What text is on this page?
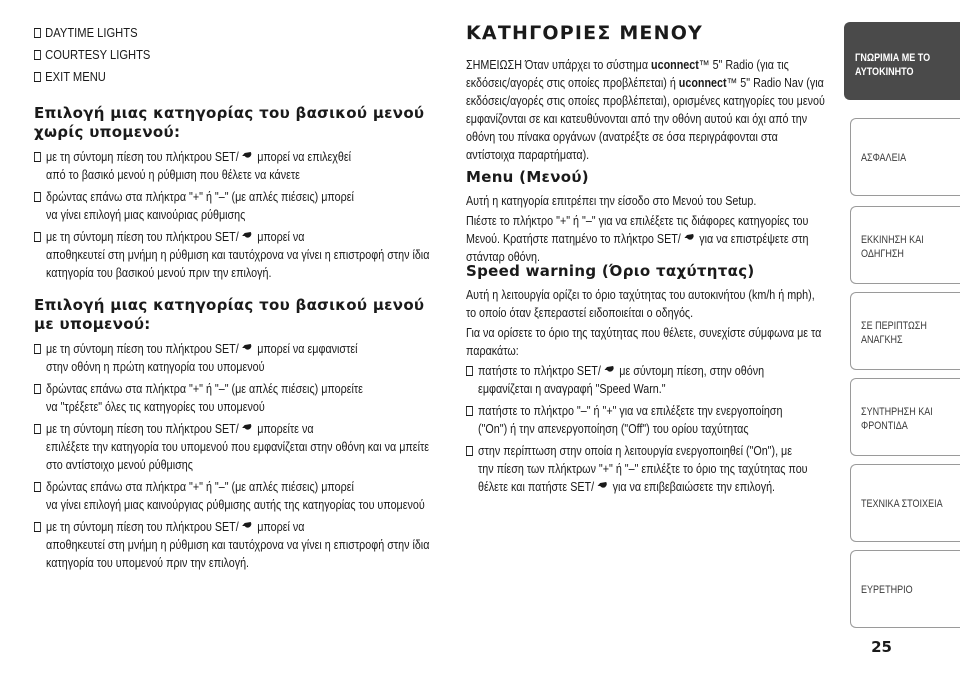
DAYTIME LIGHTS
COURTESY LIGHTS
EXIT MENU
Επιλογή μιας κατηγορίας του βασικού μενού χωρίς υπομενού:
με τη σύντομη πίεση του πλήκτρου SET/ μπορεί να επιλεχθεί
από το βασικό μενού η ρύθμιση που θέλετε να κάνετε
δρώντας επάνω στα πλήκτρα "+" ή "–" (με απλές πιέσεις) μπορεί
να γίνει επιλογή μιας καινούριας ρύθμισης
με τη σύντομη πίεση του πλήκτρου SET/ μπορεί να
αποθηκευτεί στη μνήμη η ρύθμιση και ταυτόχρονα να γίνει η επιστροφή στην ίδια κατηγορία του βασικού μενού πριν την επιλογή.
Επιλογή μιας κατηγορίας του βασικού μενού με υπομενού:
με τη σύντομη πίεση του πλήκτρου SET/ μπορεί να εμφανιστεί
στην οθόνη η πρώτη κατηγορία του υπομενού
δρώντας επάνω στα πλήκτρα "+" ή "–" (με απλές πιέσεις) μπορείτε
να "τρέξετε" όλες τις κατηγορίες του υπομενού
με τη σύντομη πίεση του πλήκτρου SET/ μπορείτε να
επιλέξετε την κατηγορία του υπομενού που εμφανίζεται στην οθόνη και να μπείτε στο αντίστοιχο μενού ρύθμισης
δρώντας επάνω στα πλήκτρα "+" ή "–" (με απλές πιέσεις) μπορεί
να γίνει επιλογή μιας καινούργιας ρύθμισης αυτής της κατηγορίας του υπομενού
με τη σύντομη πίεση του πλήκτρου SET/ μπορεί να
αποθηκευτεί στη μνήμη η ρύθμιση και ταυτόχρονα να γίνει η επιστροφή στην ίδια κατηγορία του υπομενού πριν την επιλογή.
ΚΑΤΗΓΟΡΙΕΣ ΜΕΝΟΥ
ΣΗΜΕΙΩΣΗ Όταν υπάρχει το σύστημα uconnect™ 5" Radio (για τις εκδόσεις/αγορές στις οποίες προβλέπεται) ή uconnect™ 5" Radio Nav (για εκδόσεις/αγορές στις οποίες προβλέπεται), ορισμένες κατηγορίες του μενού εμφανίζονται σε και κατευθύνονται από την οθόνη αυτού και όχι από την οθόνη του πίνακα οργάνων (ανατρέξτε σε όσα περιγράφονται στα αντίστοιχα παραρτήματα).
Menu (Μενού)
Αυτή η κατηγορία επιτρέπει την είσοδο στο Μενού του Setup.
Πιέστε το πλήκτρο "+" ή "–" για να επιλέξετε τις διάφορες κατηγορίες του Μενού. Κρατήστε πατημένο το πλήκτρο SET/ για να επιστρέψετε στη στάνταρ οθόνη.
Speed warning (Όριο ταχύτητας)
Αυτή η λειτουργία ορίζει το όριο ταχύτητας του αυτοκινήτου (km/h ή mph), το οποίο όταν ξεπεραστεί ειδοποιείται ο οδηγός.
Για να ορίσετε το όριο της ταχύτητας που θέλετε, συνεχίστε σύμφωνα με τα παρακάτω:
πατήστε το πλήκτρο SET/ με σύντομη πίεση, στην οθόνη
εμφανίζεται η αναγραφή "Speed Warn."
πατήστε το πλήκτρο "–" ή "+" για να επιλέξετε την ενεργοποίηση
("On") ή την απενεργοποίηση ("Off") του ορίου ταχύτητας
στην περίπτωση στην οποία η λειτουργία ενεργοποιηθεί ("On"), με
την πίεση των πλήκτρων "+" ή "–" επιλέξτε το όριο της ταχύτητας που θέλετε και πατήστε SET/ για να επιβεβαιώσετε την επιλογή.
ΓΝΩΡΙΜΙΑ ΜΕ ΤΟ
ΑΥΤΟΚΙΝΗΤΟ
ΑΣΦΑΛΕΙΑ
ΕΚΚΙΝΗΣΗ ΚΑΙ
ΟΔΗΓΗΣΗ
ΣΕ ΠΕΡΙΠΤΩΣΗ
ΑΝΑΓΚΗΣ
ΣΥΝΤΗΡΗΣΗ ΚΑΙ
ΦΡΟΝΤΙΔΑ
ΤΕΧΝΙΚΑ ΣΤΟΙΧΕΙΑ
ΕΥΡΕΤΗΡΙΟ
25
